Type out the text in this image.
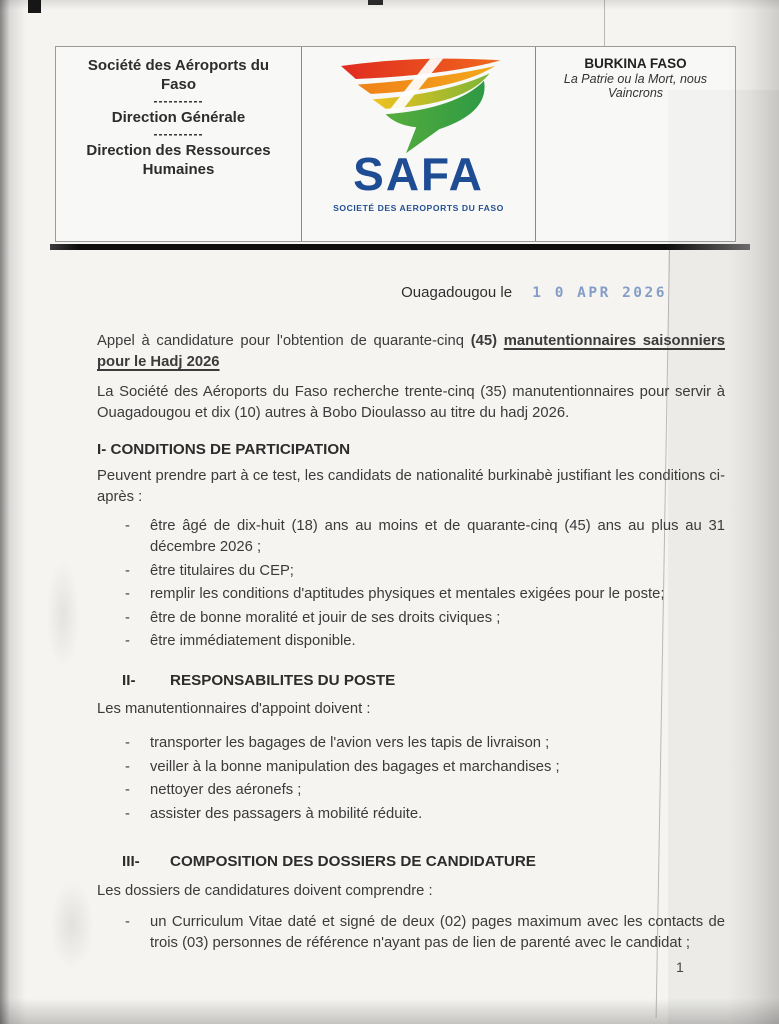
Société des Aéroports du Faso
----------
Direction Générale
----------
Direction des Ressources Humaines	SAFA
SOCIETÉ DES AEROPORTS DU FASO
BURKINA FASO
La Patrie ou la Mort, nous Vaincrons
Ouagadougou le 1 0 APR 2026
Appel à candidature pour l'obtention de quarante-cinq (45) manutentionnaires saisonniers pour le Hadj 2026

La Société des Aéroports du Faso recherche trente-cinq (35) manutentionnaires pour servir à Ouagadougou et dix (10) autres à Bobo Dioulasso au titre du hadj 2026.

I- CONDITIONS DE PARTICIPATION

Peuvent prendre part à ce test, les candidats de nationalité burkinabè justifiant les conditions ci-après :

-	être âgé de dix-huit (18) ans au moins et de quarante-cinq (45) ans au plus au 31 décembre 2026 ;
-	être titulaires du CEP;
-	remplir les conditions d'aptitudes physiques et mentales exigées pour le poste;
-	être de bonne moralité et jouir de ses droits civiques ;
-	être immédiatement disponible.
II-	RESPONSABILITES DU POSTE

Les manutentionnaires d'appoint doivent :

-	transporter les bagages de l'avion vers les tapis de livraison ;
-	veiller à la bonne manipulation des bagages et marchandises ;
-	nettoyer des aéronefs ;
-	assister des passagers à mobilité réduite.
III-	COMPOSITION DES DOSSIERS DE CANDIDATURE

Les dossiers de candidatures doivent comprendre :

-	un Curriculum Vitae daté et signé de deux (02) pages maximum avec les contacts de trois (03) personnes de référence n'ayant pas de lien de parenté avec le candidat ;
1
